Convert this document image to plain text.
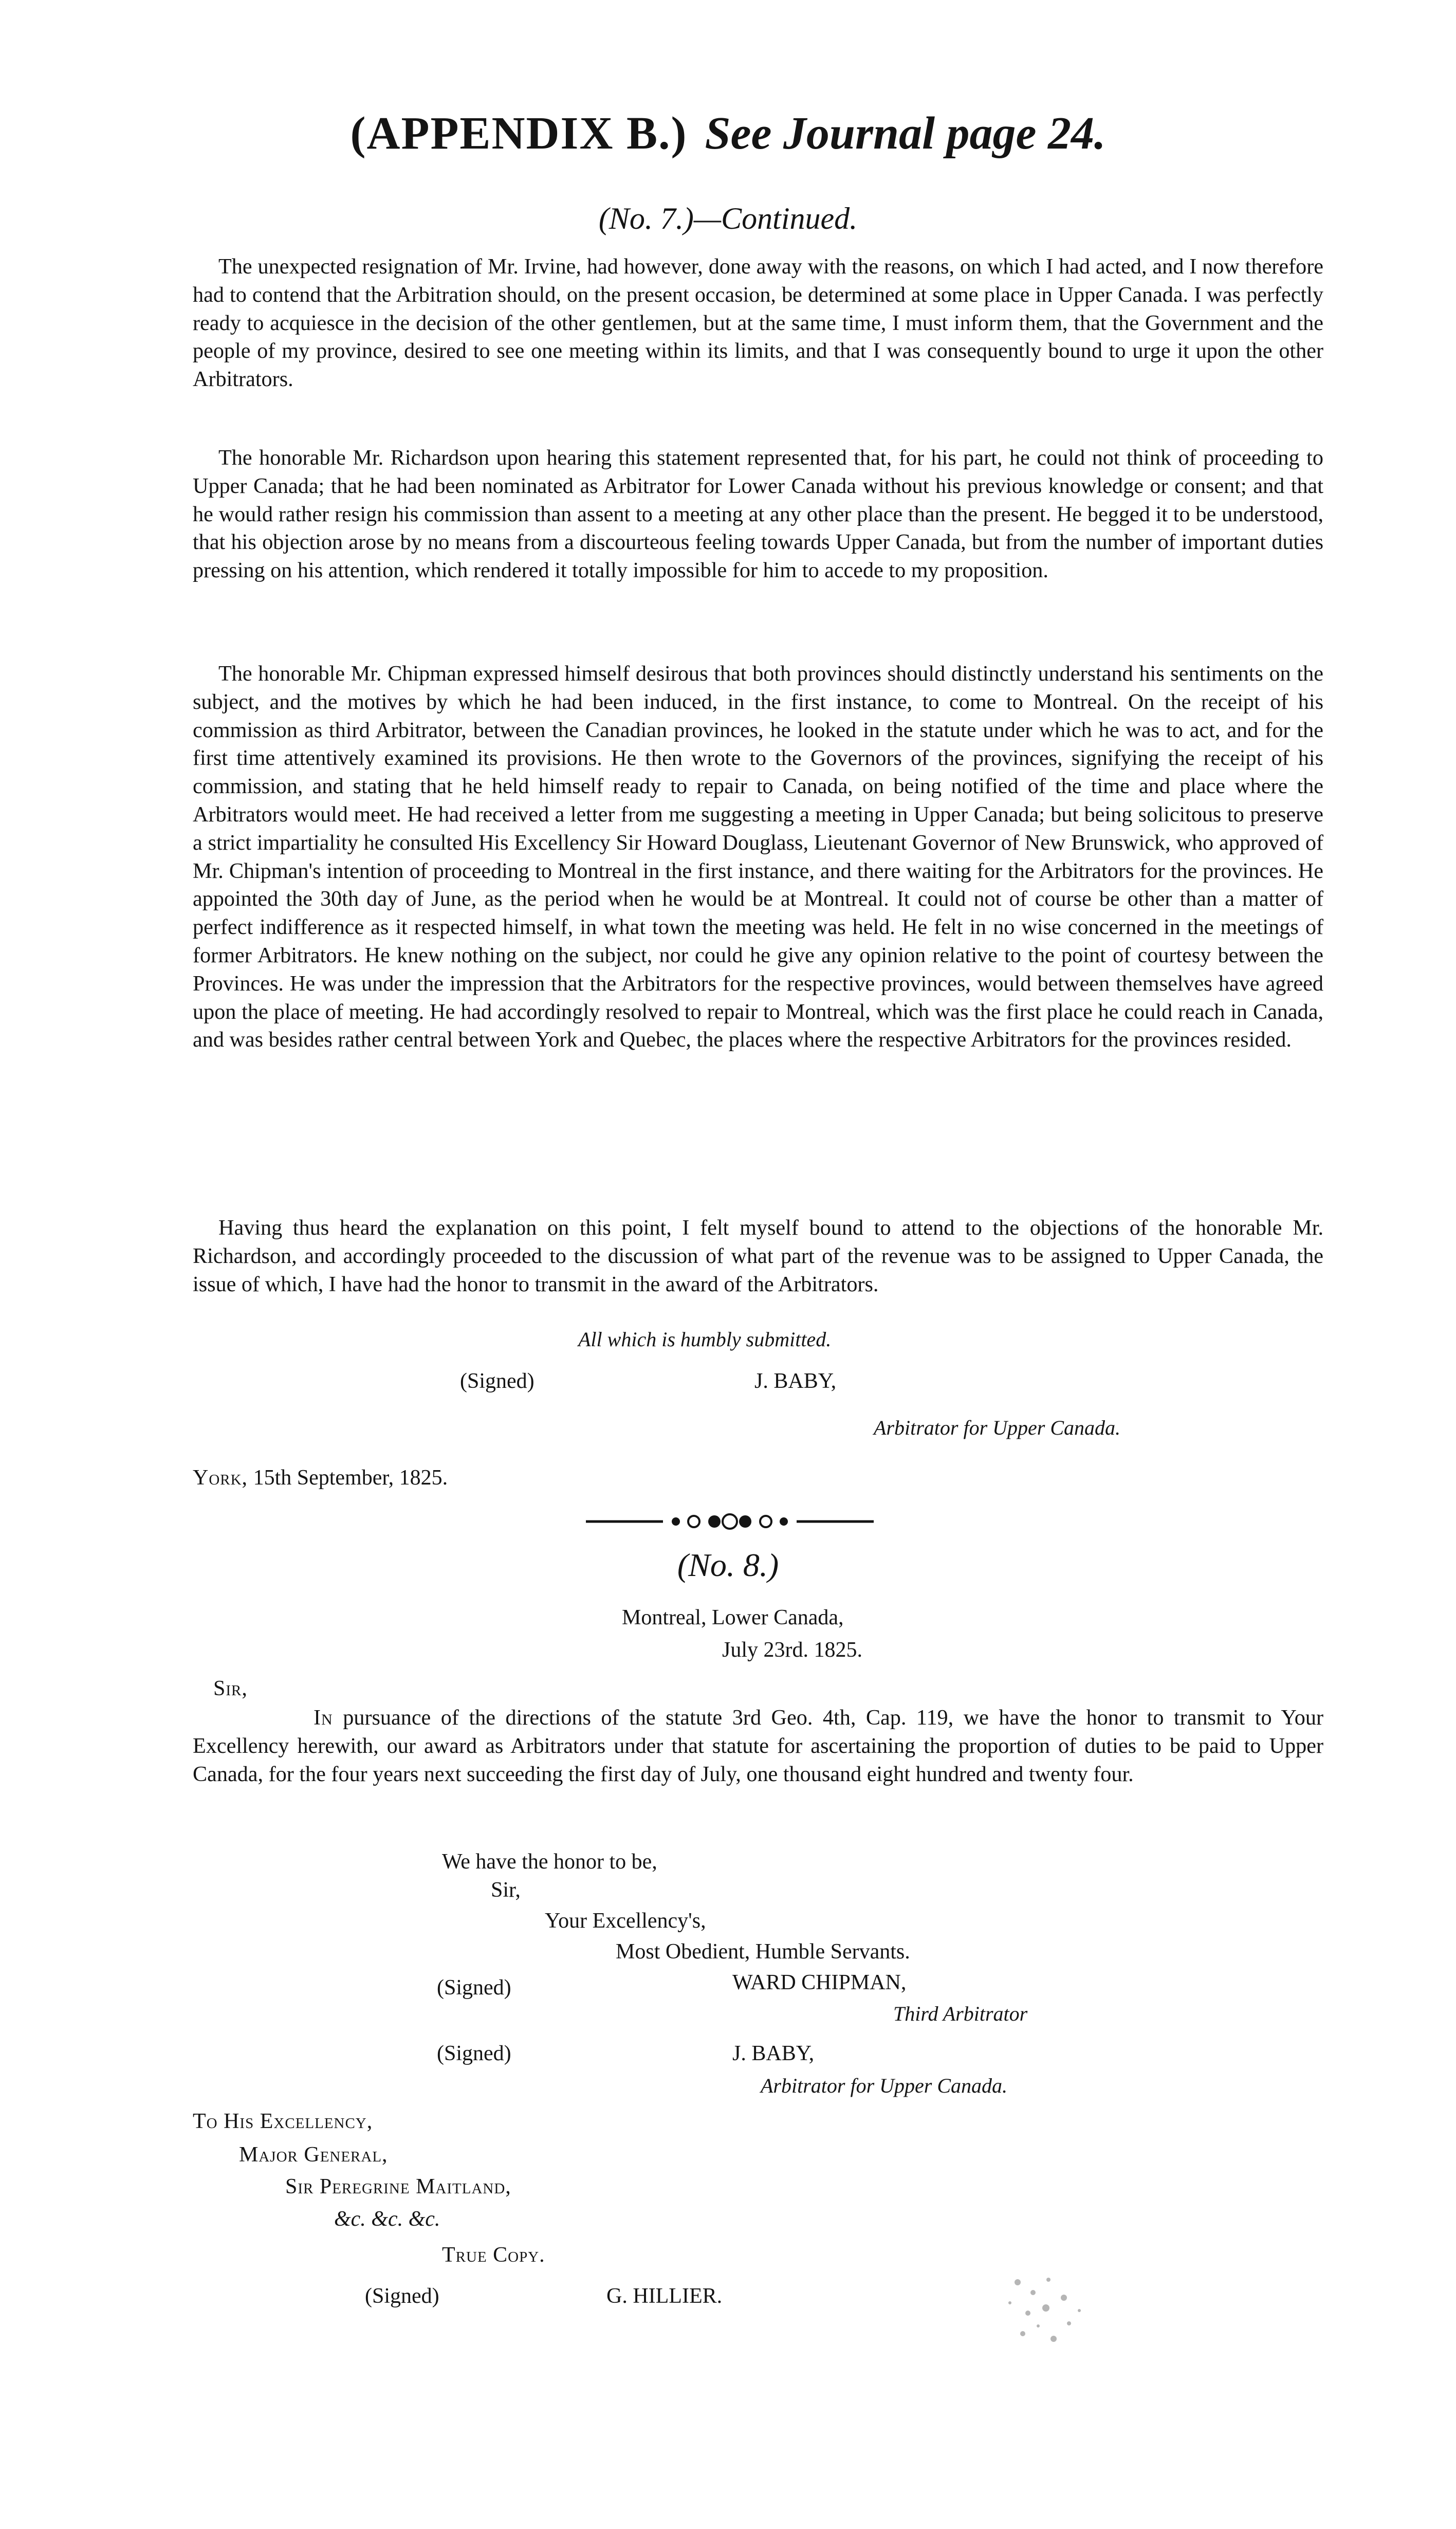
(APPENDIX B.) See Journal page 24.
(No. 7.)—Continued.

The unexpected resignation of Mr. Irvine, had however, done away with the reasons, on which I had acted, and I now therefore had to contend that the Arbitration should, on the present occasion, be determined at some place in Upper Canada. I was perfectly ready to acquiesce in the decision of the other gentlemen, but at the same time, I must inform them, that the Government and the people of my province, desired to see one meeting within its limits, and that I was consequently bound to urge it upon the other Arbitrators.

The honorable Mr. Richardson upon hearing this statement represented that, for his part, he could not think of proceeding to Upper Canada; that he had been nominated as Arbitrator for Lower Canada without his previous knowledge or consent; and that he would rather resign his commission than assent to a meeting at any other place than the present. He begged it to be understood, that his objection arose by no means from a discourteous feeling towards Upper Canada, but from the number of important duties pressing on his attention, which rendered it totally impossible for him to accede to my proposition.

The honorable Mr. Chipman expressed himself desirous that both provinces should distinctly understand his sentiments on the subject, and the motives by which he had been induced, in the first instance, to come to Montreal. On the receipt of his commission as third Arbitrator, between the Canadian provinces, he looked in the statute under which he was to act, and for the first time attentively examined its provisions. He then wrote to the Governors of the provinces, signifying the receipt of his commission, and stating that he held himself ready to repair to Canada, on being notified of the time and place where the Arbitrators would meet. He had received a letter from me suggesting a meeting in Upper Canada; but being solicitous to preserve a strict impartiality he consulted His Excellency Sir Howard Douglass, Lieutenant Governor of New Brunswick, who approved of Mr. Chipman's intention of proceeding to Montreal in the first instance, and there waiting for the Arbitrators for the provinces. He appointed the 30th day of June, as the period when he would be at Montreal. It could not of course be other than a matter of perfect indifference as it respected himself, in what town the meeting was held. He felt in no wise concerned in the meetings of former Arbitrators. He knew nothing on the subject, nor could he give any opinion relative to the point of courtesy between the Provinces. He was under the impression that the Arbitrators for the respective provinces, would between themselves have agreed upon the place of meeting. He had accordingly resolved to repair to Montreal, which was the first place he could reach in Canada, and was besides rather central between York and Quebec, the places where the respective Arbitrators for the provinces resided.

Having thus heard the explanation on this point, I felt myself bound to attend to the objections of the honorable Mr. Richardson, and accordingly proceeded to the discussion of what part of the revenue was to be assigned to Upper Canada, the issue of which, I have had the honor to transmit in the award of the Arbitrators.

All which is humbly submitted.
(Signed)	J. BABY,
Arbitrator for Upper Canada.
York, 15th September, 1825.
(No. 8.)
Montreal, Lower Canada,
July 23rd. 1825.
Sir,

In pursuance of the directions of the statute 3rd Geo. 4th, Cap. 119, we have the honor to transmit to Your Excellency herewith, our award as Arbitrators under that statute for ascertaining the proportion of duties to be paid to Upper Canada, for the four years next succeeding the first day of July, one thousand eight hundred and twenty four.

We have the honor to be,
Sir,
Your Excellency's,
Most Obedient, Humble Servants.
(Signed)	WARD CHIPMAN,
Third Arbitrator
(Signed)	J. BABY,
Arbitrator for Upper Canada.
To His Excellency,
Major General,
Sir Peregrine Maitland,
&c. &c. &c.
True Copy.
(Signed)	G. HILLIER.
